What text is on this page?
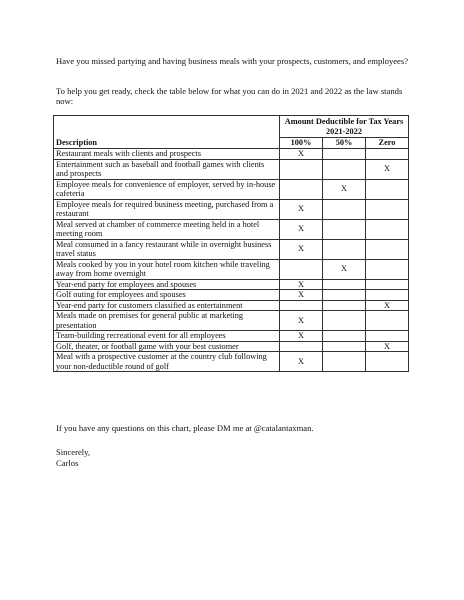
Have you missed partying and having business meals with your prospects, customers, and employees?

To help you get ready, check the table below for what you can do in 2021 and 2022 as the law stands now:

	Amount Deductible for Tax Years 2021-2022		
Description	100%	50%	Zero
Restaurant meals with clients and prospects	X		
Entertainment such as baseball and football games with clients and prospects			X
Employee meals for convenience of employer, served by in-house cafeteria		X	
Employee meals for required business meeting, purchased from a restaurant	X		
Meal served at chamber of commerce meeting held in a hotel meeting room	X		
Meal consumed in a fancy restaurant while in overnight business travel status	X		
Meals cooked by you in your hotel room kitchen while traveling away from home overnight		X	
Year-end party for employees and spouses	X		
Golf outing for employees and spouses	X		
Year-end party for customers classified as entertainment			X
Meals made on premises for general public at marketing presentation	X		
Team-building recreational event for all employees	X		
Golf, theater, or football game with your best customer			X
Meal with a prospective customer at the country club following your non-deductible round of golf	X		

If you have any questions on this chart, please DM me at @catalantaxman.

Sincerely,

Carlos
